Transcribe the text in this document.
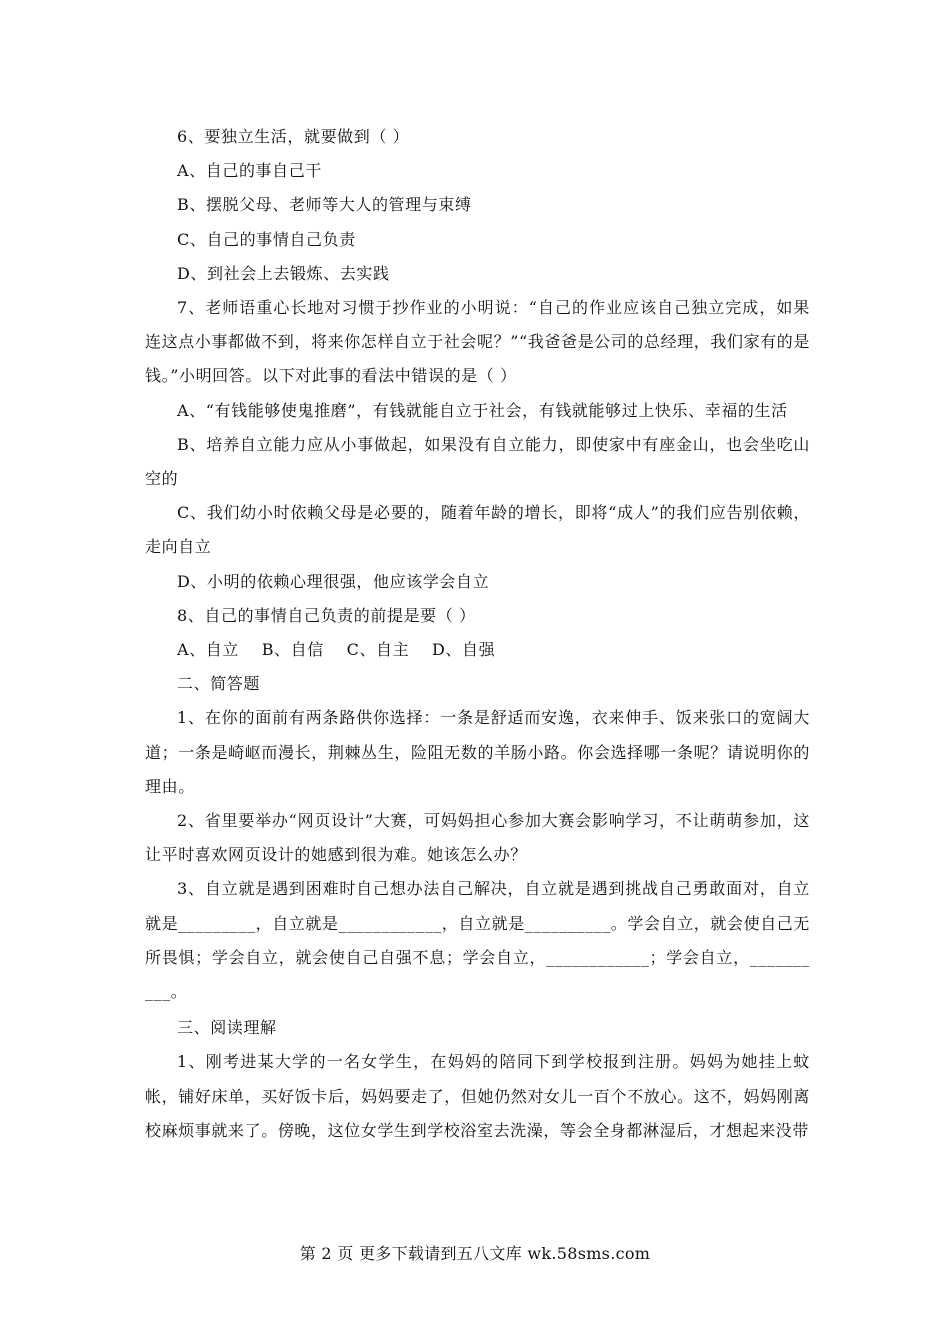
6、要独立生活，就要做到（ ）

A、自己的事自己干

B、摆脱父母、老师等大人的管理与束缚

C、自己的事情自己负责

D、到社会上去锻炼、去实践

7、老师语重心长地对习惯于抄作业的小明说：“自己的作业应该自己独立完成，如果连这点小事都做不到，将来你怎样自立于社会呢？”“我爸爸是公司的总经理，我们家有的是钱。”小明回答。以下对此事的看法中错误的是（ ）

A、“有钱能够使鬼推磨”，有钱就能自立于社会，有钱就能够过上快乐、幸福的生活

B、培养自立能力应从小事做起，如果没有自立能力，即使家中有座金山，也会坐吃山空的

C、我们幼小时依赖父母是必要的，随着年龄的增长，即将“成人”的我们应告别依赖，走向自立

D、小明的依赖心理很强，他应该学会自立

8、自己的事情自己负责的前提是要（ ）

A、自立    B、自信    C、自主    D、自强

二、简答题

1、在你的面前有两条路供你选择：一条是舒适而安逸，衣来伸手、饭来张口的宽阔大道；一条是崎岖而漫长，荆棘丛生，险阻无数的羊肠小路。你会选择哪一条呢？请说明你的理由。

2、省里要举办“网页设计”大赛，可妈妈担心参加大赛会影响学习，不让萌萌参加，这让平时喜欢网页设计的她感到很为难。她该怎么办？

3、自立就是遇到困难时自己想办法自己解决，自立就是遇到挑战自己勇敢面对，自立就是_________，自立就是____________，自立就是__________。学会自立，就会使自己无所畏惧；学会自立，就会使自己自强不息；学会自立，____________；学会自立，__________。

三、阅读理解

1、刚考进某大学的一名女学生，在妈妈的陪同下到学校报到注册。妈妈为她挂上蚊帐，铺好床单，买好饭卡后，妈妈要走了，但她仍然对女儿一百个不放心。这不，妈妈刚离校麻烦事就来了。傍晚，这位女学生到学校浴室去洗澡，等会全身都淋湿后，才想起来没带

第 2 页 更多下载请到五八文库 wk.58sms.com
